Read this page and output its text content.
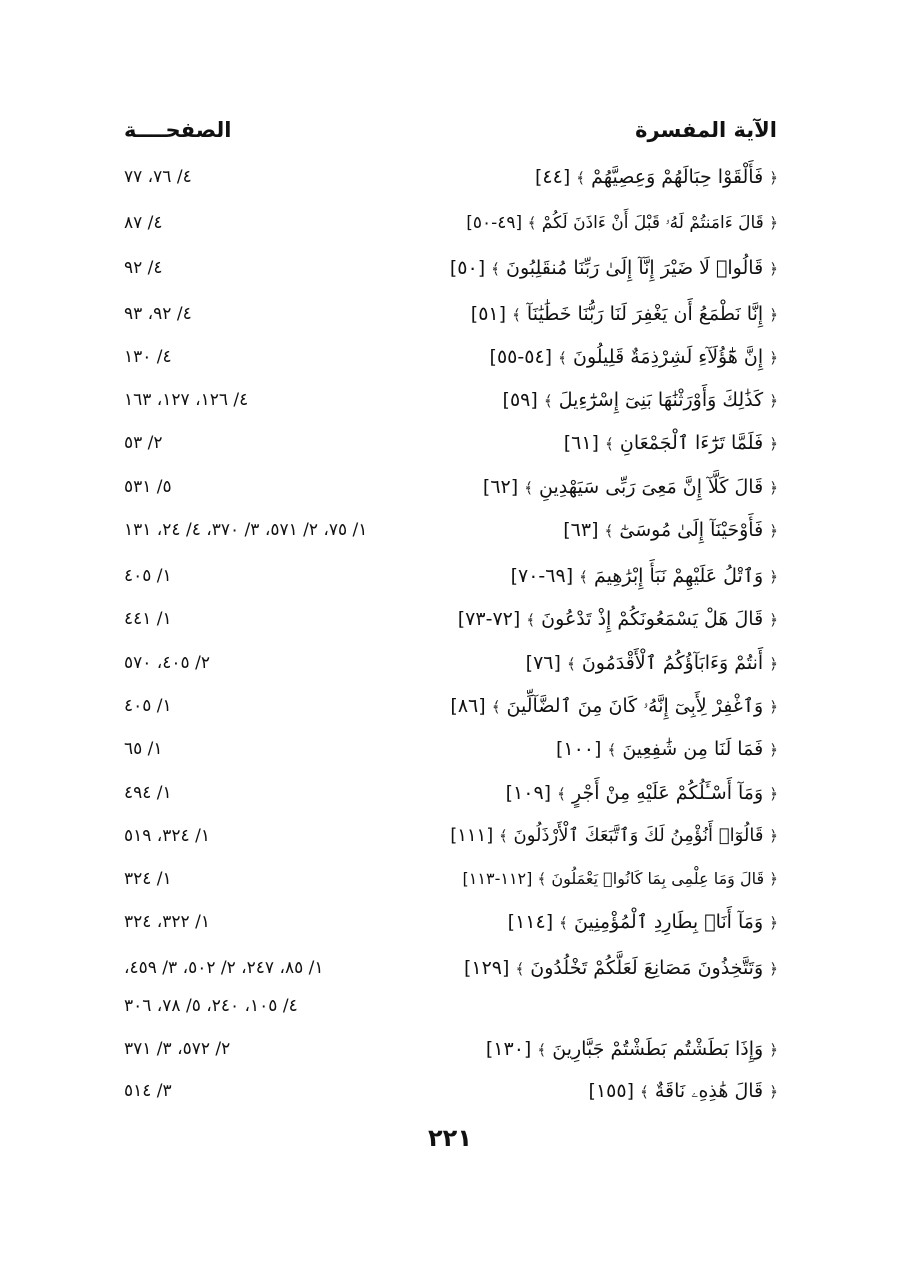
الآية المفسرة
الصفحــــة
﴿ فَأَلْقَوْا حِبَالَهُمْ وَعِصِيَّهُمْ ﴾ [٤٤]
٤/ ٧٦، ٧٧
﴿ قَالَ ءَامَنتُمْ لَهُۥ قَبْلَ أَنْ ءَاذَنَ لَكُمْ ﴾ [٤٩-٥٠]
٤/ ٨٧
﴿ قَالُوا۟ لَا ضَيْرَ إِنَّآ إِلَىٰ رَبِّنَا مُنقَلِبُونَ ﴾ [٥٠]
٤/ ٩٢
﴿ إِنَّا نَطْمَعُ أَن يَغْفِرَ لَنَا رَبُّنَا خَطَٰيَٰنَآ ﴾ [٥١]
٤/ ٩٢، ٩٣
﴿ إِنَّ هَٰٓؤُلَآءِ لَشِرْذِمَةٌ قَلِيلُونَ ﴾ [٥٤-٥٥]
٤/ ١٣٠
﴿ كَذَٰلِكَ وَأَوْرَثْنَٰهَا بَنِىٓ إِسْرَٰٓءِيلَ ﴾ [٥٩]
٤/ ١٢٦، ١٢٧، ١٦٣
﴿ فَلَمَّا تَرَٰٓءَا ٱلْجَمْعَانِ ﴾ [٦١]
٢/ ٥٣
﴿ قَالَ كَلَّآ إِنَّ مَعِىَ رَبِّى سَيَهْدِينِ ﴾ [٦٢]
٥/ ٥٣١
﴿ فَأَوْحَيْنَآ إِلَىٰ مُوسَىٰٓ ﴾ [٦٣]
١/ ٧٥، ٢/ ٥٧١، ٣/ ٣٧٠، ٤/ ٢٤، ١٣١
﴿ وَٱتْلُ عَلَيْهِمْ نَبَأَ إِبْرَٰهِيمَ ﴾ [٦٩-٧٠]
١/ ٤٠٥
﴿ قَالَ هَلْ يَسْمَعُونَكُمْ إِذْ تَدْعُونَ ﴾ [٧٢-٧٣]
١/ ٤٤١
﴿ أَنتُمْ وَءَابَآؤُكُمُ ٱلْأَقْدَمُونَ ﴾ [٧٦]
٢/ ٤٠٥، ٥٧٠
﴿ وَٱغْفِرْ لِأَبِىٓ إِنَّهُۥ كَانَ مِنَ ٱلضَّآلِّينَ ﴾ [٨٦]
١/ ٤٠٥
﴿ فَمَا لَنَا مِن شَٰفِعِينَ ﴾ [١٠٠]
١/ ٦٥
﴿ وَمَآ أَسْـَٔلُكُمْ عَلَيْهِ مِنْ أَجْرٍ ﴾ [١٠٩]
١/ ٤٩٤
﴿ قَالُوٓا۟ أَنُؤْمِنُ لَكَ وَٱتَّبَعَكَ ٱلْأَرْذَلُونَ ﴾ [١١١]
١/ ٣٢٤، ٥١٩
﴿ قَالَ وَمَا عِلْمِى بِمَا كَانُوا۟ يَعْمَلُونَ ﴾ [١١٢-١١٣]
١/ ٣٢٤
﴿ وَمَآ أَنَا۠ بِطَارِدِ ٱلْمُؤْمِنِينَ ﴾ [١١٤]
١/ ٣٢٢، ٣٢٤
﴿ وَتَتَّخِذُونَ مَصَانِعَ لَعَلَّكُمْ تَخْلُدُونَ ﴾ [١٢٩]
١/ ٨٥، ٢٤٧، ٢/ ٥٠٢، ٣/ ٤٥٩،
٤/ ١٠٥، ٢٤٠، ٥/ ٧٨، ٣٠٦
﴿ وَإِذَا بَطَشْتُم بَطَشْتُمْ جَبَّارِينَ ﴾ [١٣٠]
٢/ ٥٧٢، ٣/ ٣٧١
﴿ قَالَ هَٰذِهِۦ نَاقَةٌ ﴾ [١٥٥]
٣/ ٥١٤
٢٢١
